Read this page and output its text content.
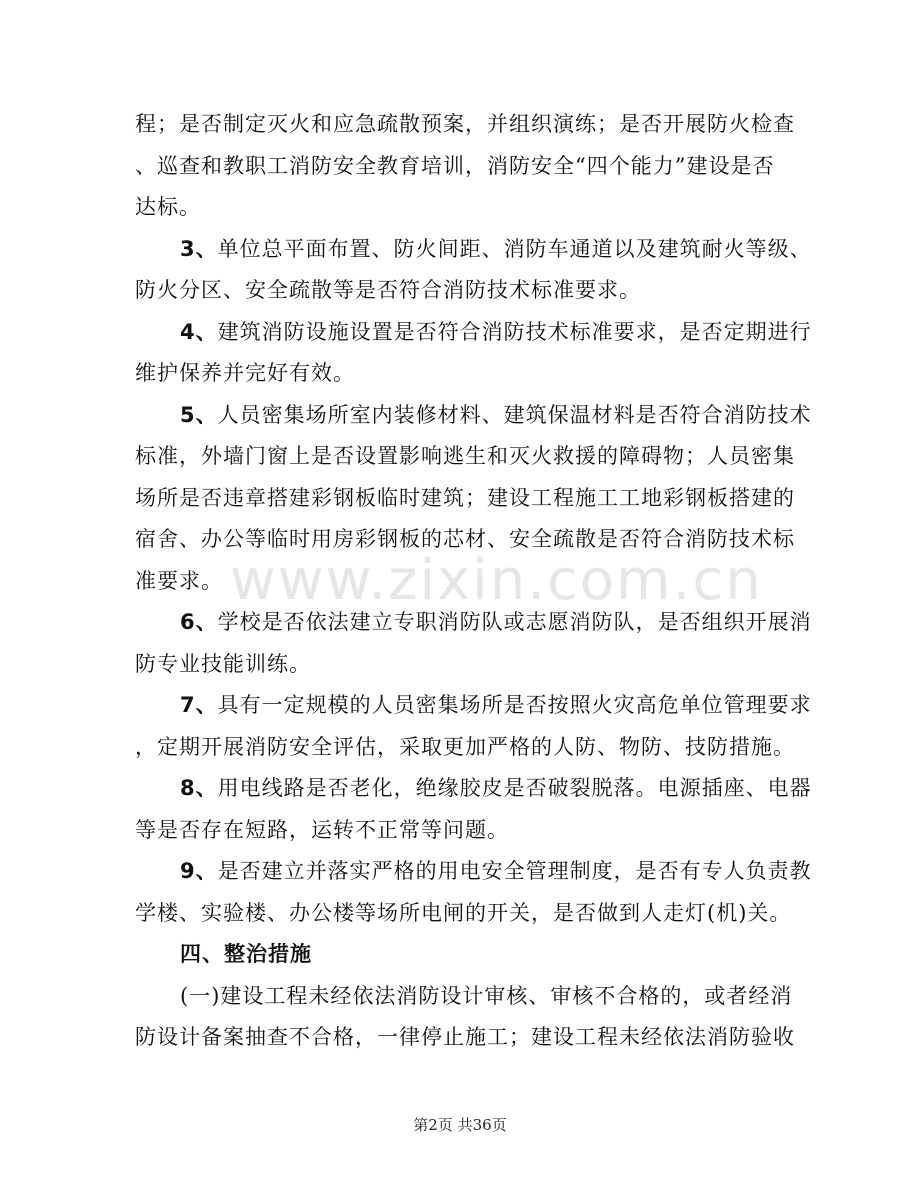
www.zixin.com.cn
程；是否制定灭火和应急疏散预案，并组织演练；是否开展防火检查
、巡查和教职工消防安全教育培训，消防安全“四个能力”建设是否
达标。
3、单位总平面布置、防火间距、消防车通道以及建筑耐火等级、
防火分区、安全疏散等是否符合消防技术标准要求。
4、建筑消防设施设置是否符合消防技术标准要求，是否定期进行
维护保养并完好有效。
5、人员密集场所室内装修材料、建筑保温材料是否符合消防技术
标准，外墙门窗上是否设置影响逃生和灭火救援的障碍物；人员密集
场所是否违章搭建彩钢板临时建筑；建设工程施工工地彩钢板搭建的
宿舍、办公等临时用房彩钢板的芯材、安全疏散是否符合消防技术标
准要求。
6、学校是否依法建立专职消防队或志愿消防队，是否组织开展消
防专业技能训练。
7、具有一定规模的人员密集场所是否按照火灾高危单位管理要求
，定期开展消防安全评估，采取更加严格的人防、物防、技防措施。
8、用电线路是否老化，绝缘胶皮是否破裂脱落。电源插座、电器
等是否存在短路，运转不正常等问题。
9、是否建立并落实严格的用电安全管理制度，是否有专人负责教
学楼、实验楼、办公楼等场所电闸的开关，是否做到人走灯(机)关。
四、整治措施
(一)建设工程未经依法消防设计审核、审核不合格的，或者经消
防设计备案抽查不合格，一律停止施工；建设工程未经依法消防验收
第2页 共36页
